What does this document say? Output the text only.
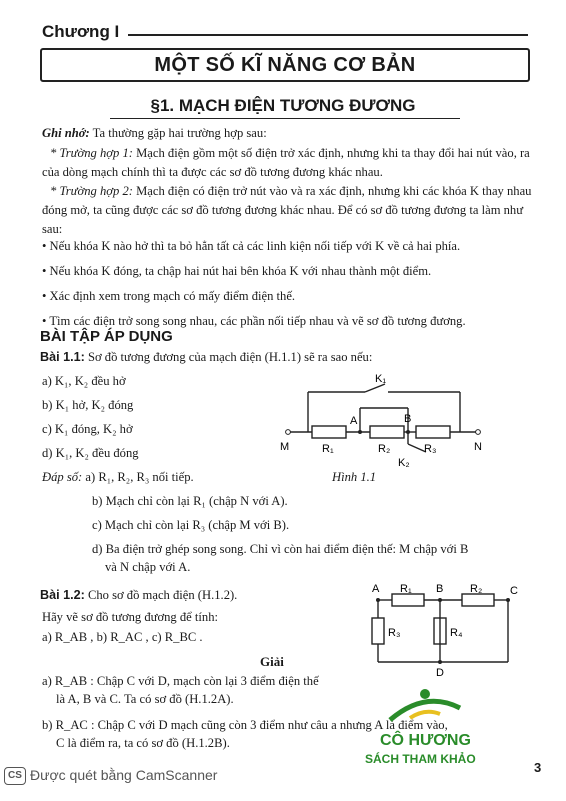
Chương I
MỘT SỐ KĨ NĂNG CƠ BẢN
§1. MẠCH ĐIỆN TƯƠNG ĐƯƠNG

Ghi nhớ: Ta thường gặp hai trường hợp sau:

* Trường hợp 1: Mạch điện gồm một số điện trở xác định, nhưng khi ta thay đổi hai nút vào, ra của dòng mạch chính thì ta được các sơ đồ tương đương khác nhau.

* Trường hợp 2: Mạch điện có điện trở nút vào và ra xác định, nhưng khi các khóa K thay nhau đóng mở, ta cũng được các sơ đồ tương đương khác nhau. Để có sơ đồ tương đương ta làm như sau:

• Nếu khóa K nào hở thì ta bỏ hẳn tất cả các linh kiện nối tiếp với K về cả hai phía.
• Nếu khóa K đóng, ta chập hai nút hai bên khóa K với nhau thành một điểm.
• Xác định xem trong mạch có mấy điểm điện thế.
• Tìm các điện trở song song nhau, các phần nối tiếp nhau và vẽ sơ đồ tương đương.
BÀI TẬP ÁP DỤNG
Bài 1.1: Sơ đồ tương đương của mạch điện (H.1.1) sẽ ra sao nếu:
a) K₁, K₂ đều hở
b) K₁ hở, K₂ đóng
c) K₁ đóng, K₂ hở
d) K₁, K₂ đều đóng
K₁
A	B
M	N
R₁	R₂	R₃
K₂
Đáp số: a) R₁, R₂, R₃ nối tiếp.	Hình 1.1
b) Mạch chỉ còn lại R₁ (chập N với A).
c) Mạch chỉ còn lại R₃ (chập M với B).
d) Ba điện trở ghép song song. Chỉ vì còn hai điểm điện thế: M chập với B
và N chập với A.
Bài 1.2: Cho sơ đồ mạch điện (H.1.2).
Hãy vẽ sơ đồ tương đương để tính:
a) R_AB , b) R_AC , c) R_BC .
Giải
a) R_AB : Chập C với D, mạch còn lại 3 điểm điện thế
là A, B và C. Ta có sơ đồ (H.1.2A).
b) R_AC : Chập C với D mạch cũng còn 3 điểm như câu a nhưng A là điểm vào,
C là điểm ra, ta có sơ đồ (H.1.2B).
A	B	C
D
R₁	R₂
R₃	R₄
CÔ HƯƠNG
SÁCH THAM KHẢO
CS Được quét bằng CamScanner	3
